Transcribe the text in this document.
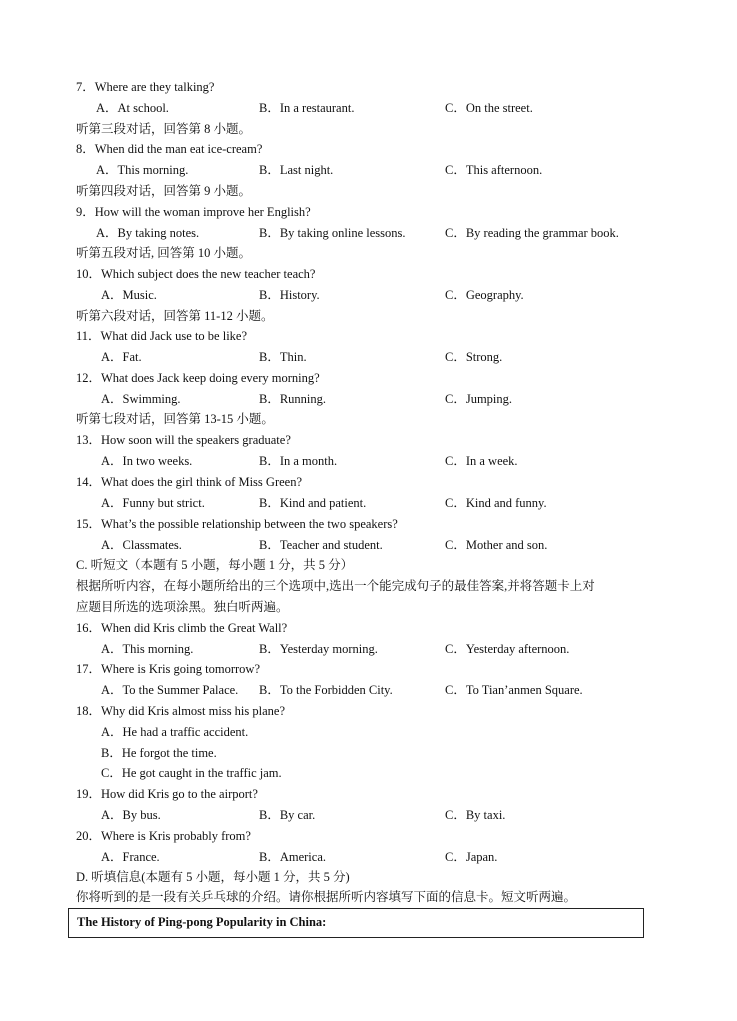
7．Where are they talking?
A．At school.	B．In a restaurant.	C．On the street.
听第三段对话，回答第 8 小题。
8．When did the man eat ice-cream?
A．This morning.	B．Last night.	C．This afternoon.
听第四段对话，回答第 9 小题。
9．How will the woman improve her English?
A．By taking notes.	B．By taking online lessons.	C．By reading the grammar book.
听第五段对话, 回答第 10 小题。
10．Which subject does the new teacher teach?
A．Music.	B．History.	C．Geography.
听第六段对话，回答第 11-12 小题。
11．What did Jack use to be like?
A．Fat.	B．Thin.	C．Strong.
12．What does Jack keep doing every morning?
A．Swimming.	B．Running.	C．Jumping.
听第七段对话，回答第 13-15 小题。
13．How soon will the speakers graduate?
A．In two weeks.	B．In a month.	C．In a week.
14．What does the girl think of Miss Green?
A．Funny but strict.	B．Kind and patient.	C．Kind and funny.
15．What’s the possible relationship between the two speakers?
A．Classmates.	B．Teacher and student.	C．Mother and son.
C. 听短文（本题有 5 小题，每小题 1 分，共 5 分）
根据所听内容，在每小题所给出的三个选项中,选出一个能完成句子的最佳答案,并将答题卡上对
应题目所选的选项涂黑。独白听两遍。
16．When did Kris climb the Great Wall?
A．This morning.	B．Yesterday morning.	C．Yesterday afternoon.
17．Where is Kris going tomorrow?
A．To the Summer Palace. B．To the Forbidden City.	C．To Tian’anmen Square.
18．Why did Kris almost miss his plane?
A．He had a traffic accident.
B．He forgot the time.
C．He got caught in the traffic jam.
19．How did Kris go to the airport?
A．By bus.	B．By car.	C．By taxi.
20．Where is Kris probably from?
A．France.	B．America.	C．Japan.
D. 听填信息(本题有 5 小题，每小题 1 分，共 5 分)
你将听到的是一段有关乒乓球的介绍。请你根据所听内容填写下面的信息卡。短文听两遍。
The History of Ping-pong Popularity in China:
